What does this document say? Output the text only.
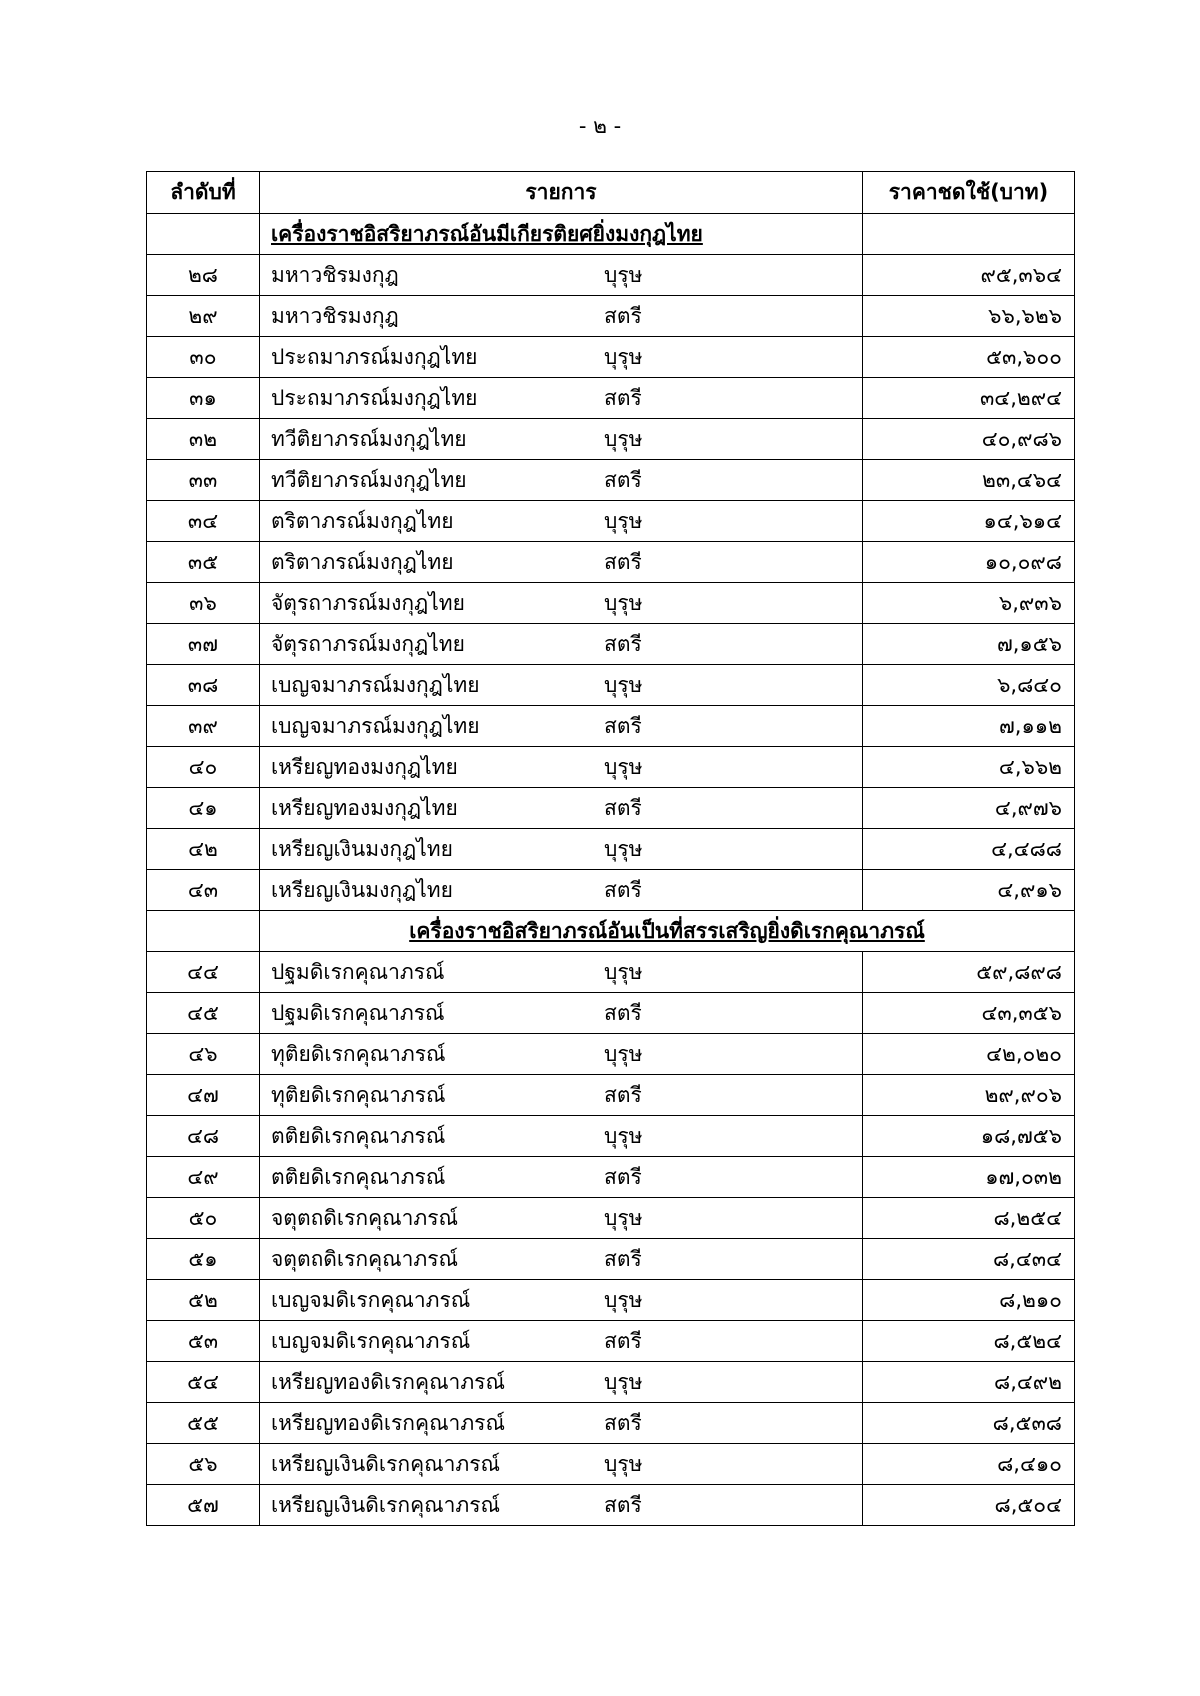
- ๒ -
ลำดับที่	รายการ	ราคาชดใช้(บาท)
	เครื่องราชอิสริยาภรณ์อันมีเกียรติยศยิ่งมงกุฎไทย	
๒๘	มหาวชิรมงกุฎ บุรุษ	๙๕,๓๖๔
๒๙	มหาวชิรมงกุฎ สตรี	๖๖,๖๒๖
๓๐	ประถมาภรณ์มงกุฎไทย บุรุษ	๕๓,๖๐๐
๓๑	ประถมาภรณ์มงกุฎไทย สตรี	๓๔,๒๙๔
๓๒	ทวีติยาภรณ์มงกุฎไทย บุรุษ	๔๐,๙๘๖
๓๓	ทวีติยาภรณ์มงกุฎไทย สตรี	๒๓,๔๖๔
๓๔	ตริตาภรณ์มงกุฎไทย บุรุษ	๑๔,๖๑๔
๓๕	ตริตาภรณ์มงกุฎไทย สตรี	๑๐,๐๙๘
๓๖	จัตุรถาภรณ์มงกุฎไทย บุรุษ	๖,๙๓๖
๓๗	จัตุรถาภรณ์มงกุฎไทย สตรี	๗,๑๕๖
๓๘	เบญจมาภรณ์มงกุฎไทย บุรุษ	๖,๘๔๐
๓๙	เบญจมาภรณ์มงกุฎไทย สตรี	๗,๑๑๒
๔๐	เหรียญทองมงกุฎไทย บุรุษ	๔,๖๖๒
๔๑	เหรียญทองมงกุฎไทย สตรี	๔,๙๗๖
๔๒	เหรียญเงินมงกุฎไทย บุรุษ	๔,๔๘๘
๔๓	เหรียญเงินมงกุฎไทย สตรี	๔,๙๑๖
	เครื่องราชอิสริยาภรณ์อันเป็นที่สรรเสริญยิ่งดิเรกคุณาภรณ์	
๔๔	ปฐมดิเรกคุณาภรณ์ บุรุษ	๕๙,๘๙๘
๔๕	ปฐมดิเรกคุณาภรณ์ สตรี	๔๓,๓๕๖
๔๖	ทุติยดิเรกคุณาภรณ์ บุรุษ	๔๒,๐๒๐
๔๗	ทุติยดิเรกคุณาภรณ์ สตรี	๒๙,๙๐๖
๔๘	ตติยดิเรกคุณาภรณ์ บุรุษ	๑๘,๗๕๖
๔๙	ตติยดิเรกคุณาภรณ์ สตรี	๑๗,๐๓๒
๕๐	จตุตถดิเรกคุณาภรณ์ บุรุษ	๘,๒๕๔
๕๑	จตุตถดิเรกคุณาภรณ์ สตรี	๘,๔๓๔
๕๒	เบญจมดิเรกคุณาภรณ์ บุรุษ	๘,๒๑๐
๕๓	เบญจมดิเรกคุณาภรณ์ สตรี	๘,๕๒๔
๕๔	เหรียญทองดิเรกคุณาภรณ์ บุรุษ	๘,๔๙๒
๕๕	เหรียญทองดิเรกคุณาภรณ์ สตรี	๘,๕๓๘
๕๖	เหรียญเงินดิเรกคุณาภรณ์ บุรุษ	๘,๔๑๐
๕๗	เหรียญเงินดิเรกคุณาภรณ์ สตรี	๘,๕๐๔
